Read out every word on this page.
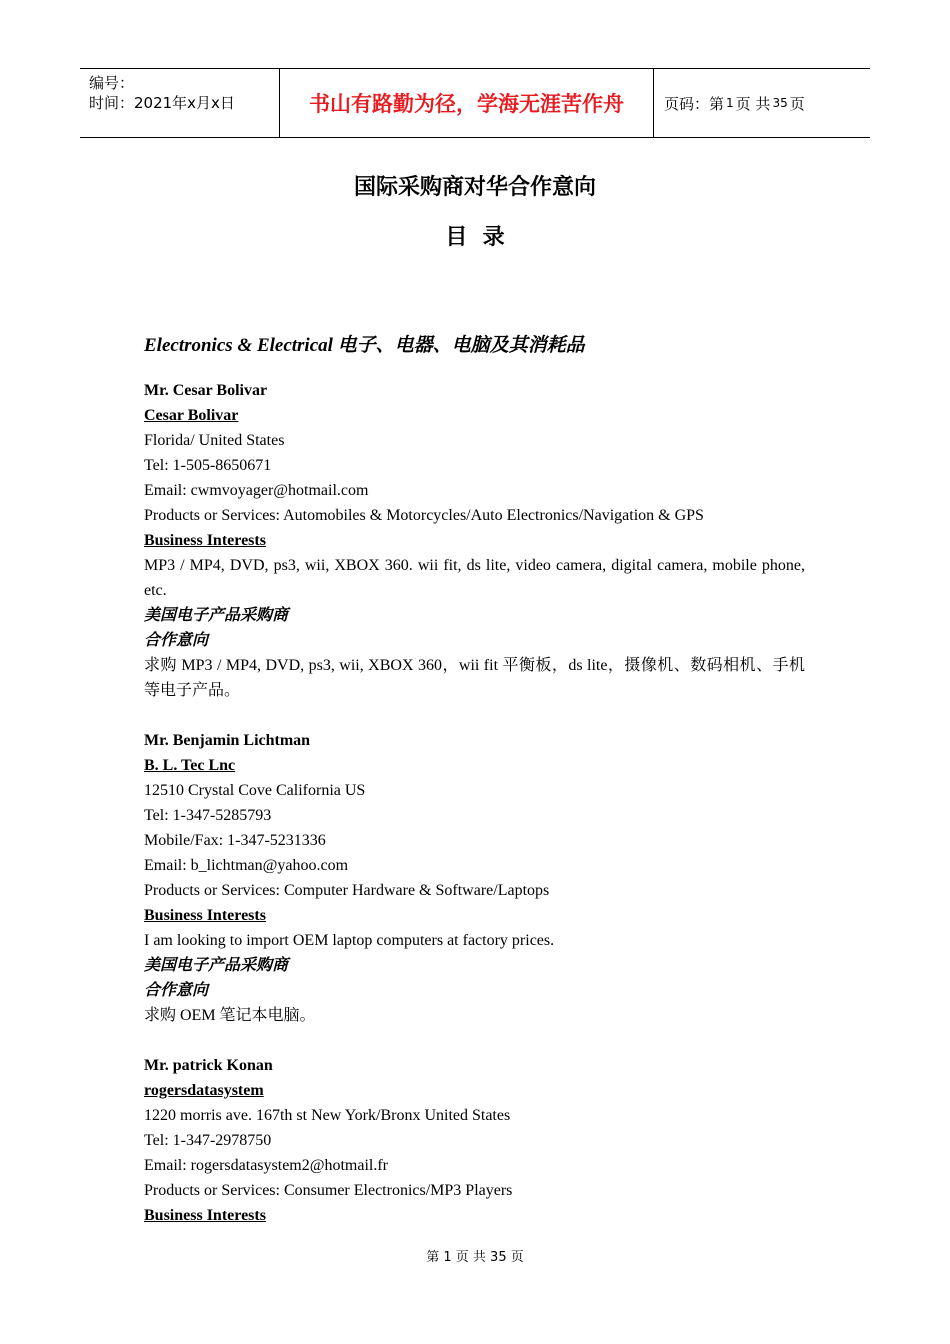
编号：
时间：2021年x月x日	书山有路勤为径，学海无涯苦作舟	页码：第 1 页 共 35 页
国际采购商对华合作意向
目  录
Electronics & Electrical 电子、电器、电脑及其消耗品
Mr. Cesar Bolivar
Cesar Bolivar
Florida/ United States
Tel: 1-505-8650671
Email: cwmvoyager@hotmail.com
Products or Services: Automobiles & Motorcycles/Auto Electronics/Navigation & GPS
Business Interests
MP3 / MP4, DVD, ps3, wii, XBOX 360. wii fit, ds lite, video camera, digital camera, mobile phone, etc.
美国电子产品采购商
合作意向
求购 MP3 / MP4, DVD, ps3, wii, XBOX 360，wii fit 平衡板，ds lite，摄像机、数码相机、手机等电子产品。
Mr. Benjamin Lichtman
B. L. Tec Lnc
12510 Crystal Cove California US
Tel: 1-347-5285793
Mobile/Fax: 1-347-5231336
Email: b_lichtman@yahoo.com
Products or Services: Computer Hardware & Software/Laptops
Business Interests
I am looking to import OEM laptop computers at factory prices.
美国电子产品采购商
合作意向
求购 OEM 笔记本电脑。
Mr. patrick Konan
rogersdatasystem
1220 morris ave. 167th st New York/Bronx United States
Tel: 1-347-2978750
Email: rogersdatasystem2@hotmail.fr
Products or Services: Consumer Electronics/MP3 Players
Business Interests
第 1 页 共 35 页
